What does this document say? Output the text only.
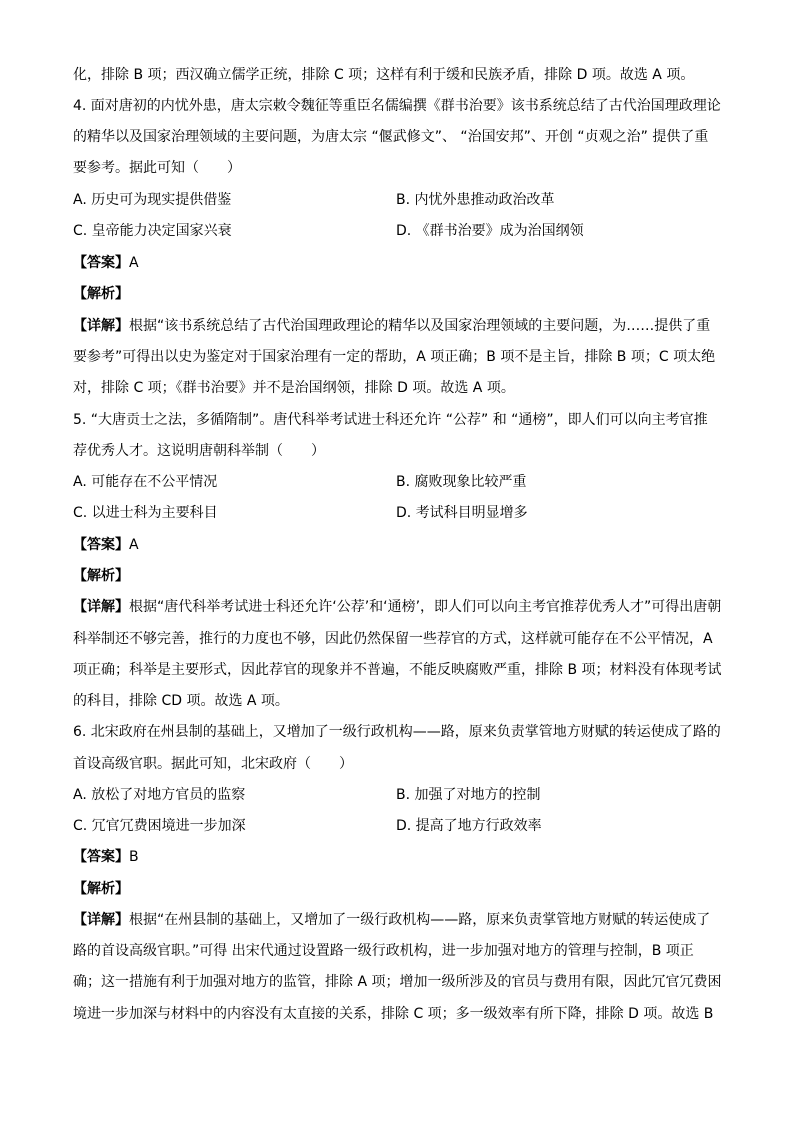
化，排除 B 项；西汉确立儒学正统，排除 C 项；这样有利于缓和民族矛盾，排除 D 项。故选 A 项。
4. 面对唐初的内忧外患，唐太宗敕令魏征等重臣名儒编撰《群书治要》该书系统总结了古代治国理政理论
的精华以及国家治理领域的主要问题，为唐太宗 “偃武修文”、 “治国安邦”、开创 “贞观之治” 提供了重
要参考。据此可知（　　）
A. 历史可为现实提供借鉴	B. 内忧外患推动政治改革
C. 皇帝能力决定国家兴衰	D. 《群书治要》成为治国纲领
【答案】A
【解析】
【详解】根据“该书系统总结了古代治国理政理论的精华以及国家治理领域的主要问题，为……提供了重
要参考”可得出以史为鉴定对于国家治理有一定的帮助，A 项正确；B 项不是主旨，排除 B 项；C 项太绝
对，排除 C 项；《群书治要》并不是治国纲领，排除 D 项。故选 A 项。
5. “大唐贡士之法，多循隋制”。唐代科举考试进士科还允许 “公荐” 和 “通榜”，即人们可以向主考官推
荐优秀人才。这说明唐朝科举制（　　）
A. 可能存在不公平情况	B. 腐败现象比较严重
C. 以进士科为主要科目	D. 考试科目明显增多
【答案】A
【解析】
【详解】根据“唐代科举考试进士科还允许‘公荐’和‘通榜’，即人们可以向主考官推荐优秀人才”可得出唐朝
科举制还不够完善，推行的力度也不够，因此仍然保留一些荐官的方式，这样就可能存在不公平情况，A
项正确；科举是主要形式，因此荐官的现象并不普遍，不能反映腐败严重，排除 B 项；材料没有体现考试
的科目，排除 CD 项。故选 A 项。
6. 北宋政府在州县制的基础上，又增加了一级行政机构——路，原来负责掌管地方财赋的转运使成了路的
首设高级官职。据此可知，北宋政府（　　）
A. 放松了对地方官员的监察	B. 加强了对地方的控制
C. 冗官冗费困境进一步加深	D. 提高了地方行政效率
【答案】B
【解析】
【详解】根据“在州县制的基础上，又增加了一级行政机构——路，原来负责掌管地方财赋的转运使成了
路的首设高级官职。”可得 出宋代通过设置路一级行政机构，进一步加强对地方的管理与控制，B 项正
确；这一措施有利于加强对地方的监管，排除 A 项；增加一级所涉及的官员与费用有限，因此冗官冗费困
境进一步加深与材料中的内容没有太直接的关系，排除 C 项；多一级效率有所下降，排除 D 项。故选 B
